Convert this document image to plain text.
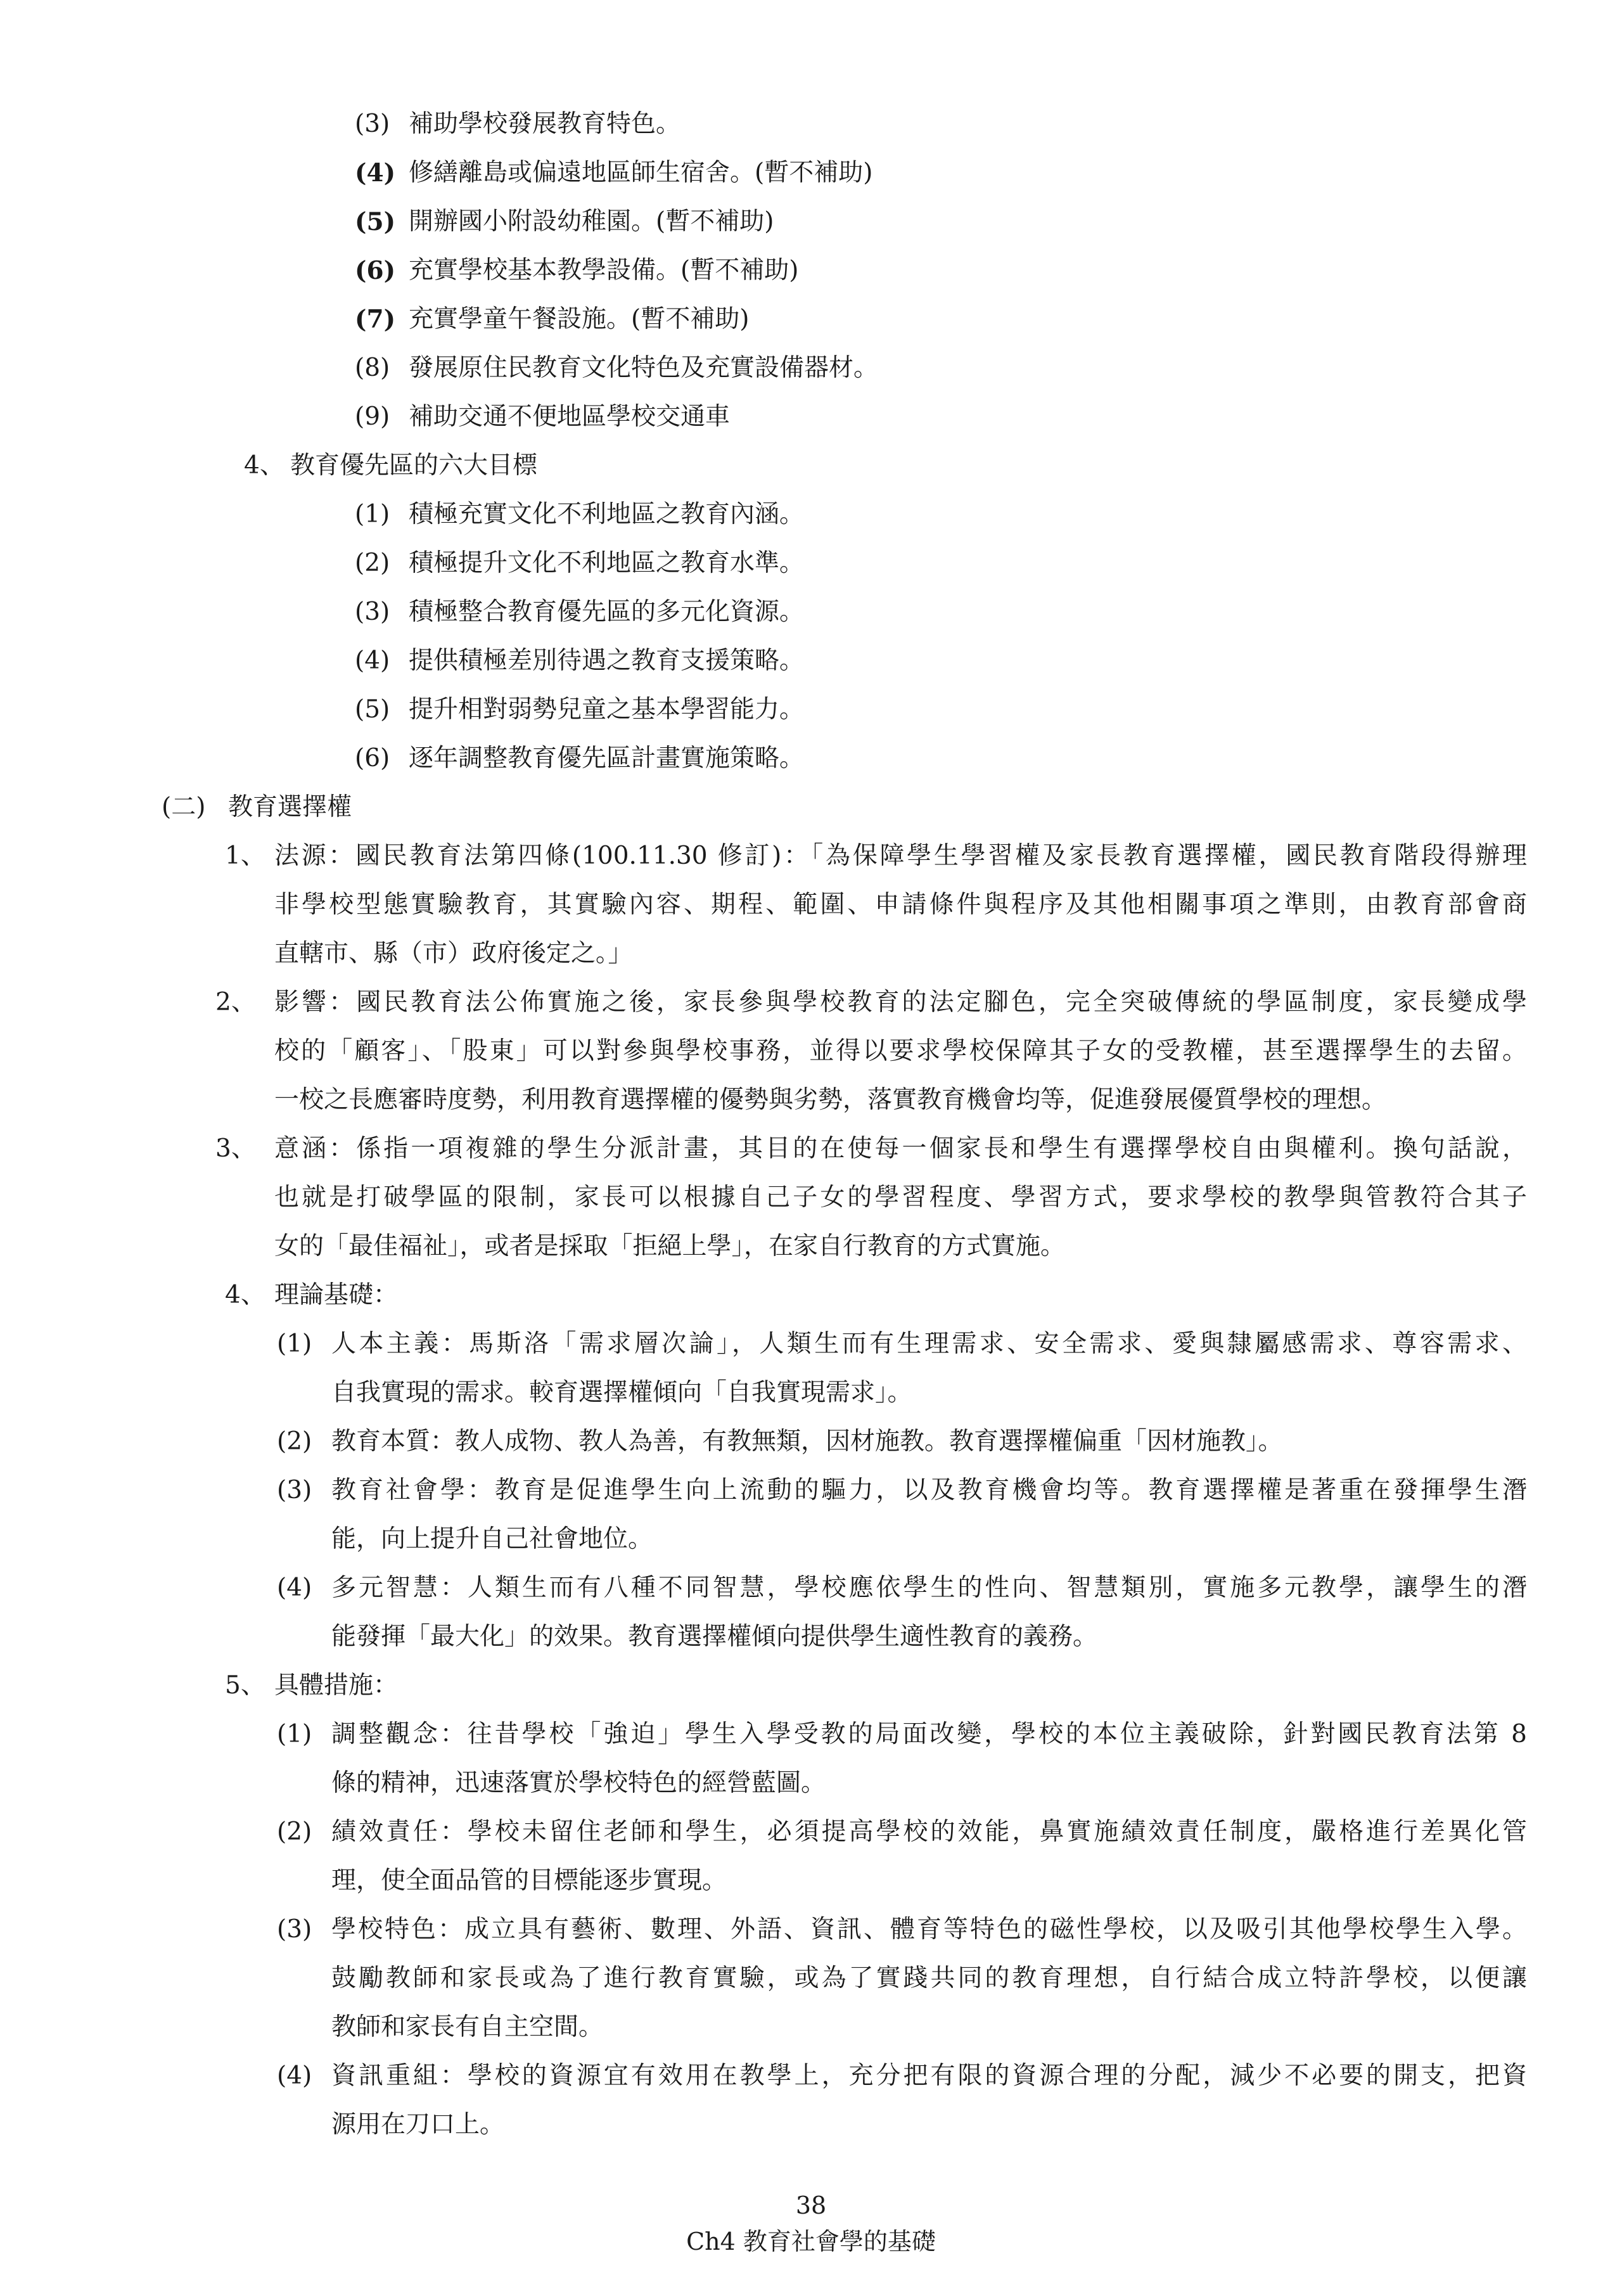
(3) 補助學校發展教育特色。
(4) 修繕離島或偏遠地區師生宿舍。(暫不補助)
(5) 開辦國小附設幼稚園。(暫不補助)
(6) 充實學校基本教學設備。(暫不補助)
(7) 充實學童午餐設施。(暫不補助)
(8) 發展原住民教育文化特色及充實設備器材。
(9) 補助交通不便地區學校交通車
4、 教育優先區的六大目標
(1) 積極充實文化不利地區之教育內涵。
(2) 積極提升文化不利地區之教育水準。
(3) 積極整合教育優先區的多元化資源。
(4) 提供積極差別待遇之教育支援策略。
(5) 提升相對弱勢兒童之基本學習能力。
(6) 逐年調整教育優先區計畫實施策略。
(二) 教育選擇權
1、 法源：國民教育法第四條(100.11.30 修訂)：「為保障學生學習權及家長教育選擇權，國民教育階段得辦理
非學校型態實驗教育，其實驗內容、期程、範圍、申請條件與程序及其他相關事項之準則，由教育部會商
直轄市、縣（市）政府後定之。」
2、 影響：國民教育法公佈實施之後，家長參與學校教育的法定腳色，完全突破傳統的學區制度，家長變成學
校的「顧客」、「股東」可以對參與學校事務，並得以要求學校保障其子女的受教權，甚至選擇學生的去留。
一校之長應審時度勢，利用教育選擇權的優勢與劣勢，落實教育機會均等，促進發展優質學校的理想。
3、 意涵：係指一項複雜的學生分派計畫，其目的在使每一個家長和學生有選擇學校自由與權利。換句話說，
也就是打破學區的限制，家長可以根據自己子女的學習程度、學習方式，要求學校的教學與管教符合其子
女的「最佳福祉」，或者是採取「拒絕上學」，在家自行教育的方式實施。
4、 理論基礎：
(1) 人本主義：馬斯洛「需求層次論」，人類生而有生理需求、安全需求、愛與隸屬感需求、尊容需求、
自我實現的需求。較育選擇權傾向「自我實現需求」。
(2) 教育本質：教人成物、教人為善，有教無類，因材施教。教育選擇權偏重「因材施教」。
(3) 教育社會學：教育是促進學生向上流動的驅力，以及教育機會均等。教育選擇權是著重在發揮學生潛
能，向上提升自己社會地位。
(4) 多元智慧：人類生而有八種不同智慧，學校應依學生的性向、智慧類別，實施多元教學，讓學生的潛
能發揮「最大化」的效果。教育選擇權傾向提供學生適性教育的義務。
5、 具體措施：
(1) 調整觀念：往昔學校「強迫」學生入學受教的局面改變，學校的本位主義破除，針對國民教育法第 8
條的精神，迅速落實於學校特色的經營藍圖。
(2) 績效責任：學校未留住老師和學生，必須提高學校的效能，鼻實施績效責任制度，嚴格進行差異化管
理，使全面品管的目標能逐步實現。
(3) 學校特色：成立具有藝術、數理、外語、資訊、體育等特色的磁性學校，以及吸引其他學校學生入學。
鼓勵教師和家長或為了進行教育實驗，或為了實踐共同的教育理想，自行結合成立特許學校，以便讓
教師和家長有自主空間。
(4) 資訊重組：學校的資源宜有效用在教學上，充分把有限的資源合理的分配，減少不必要的開支，把資
源用在刀口上。
38
Ch4 教育社會學的基礎
